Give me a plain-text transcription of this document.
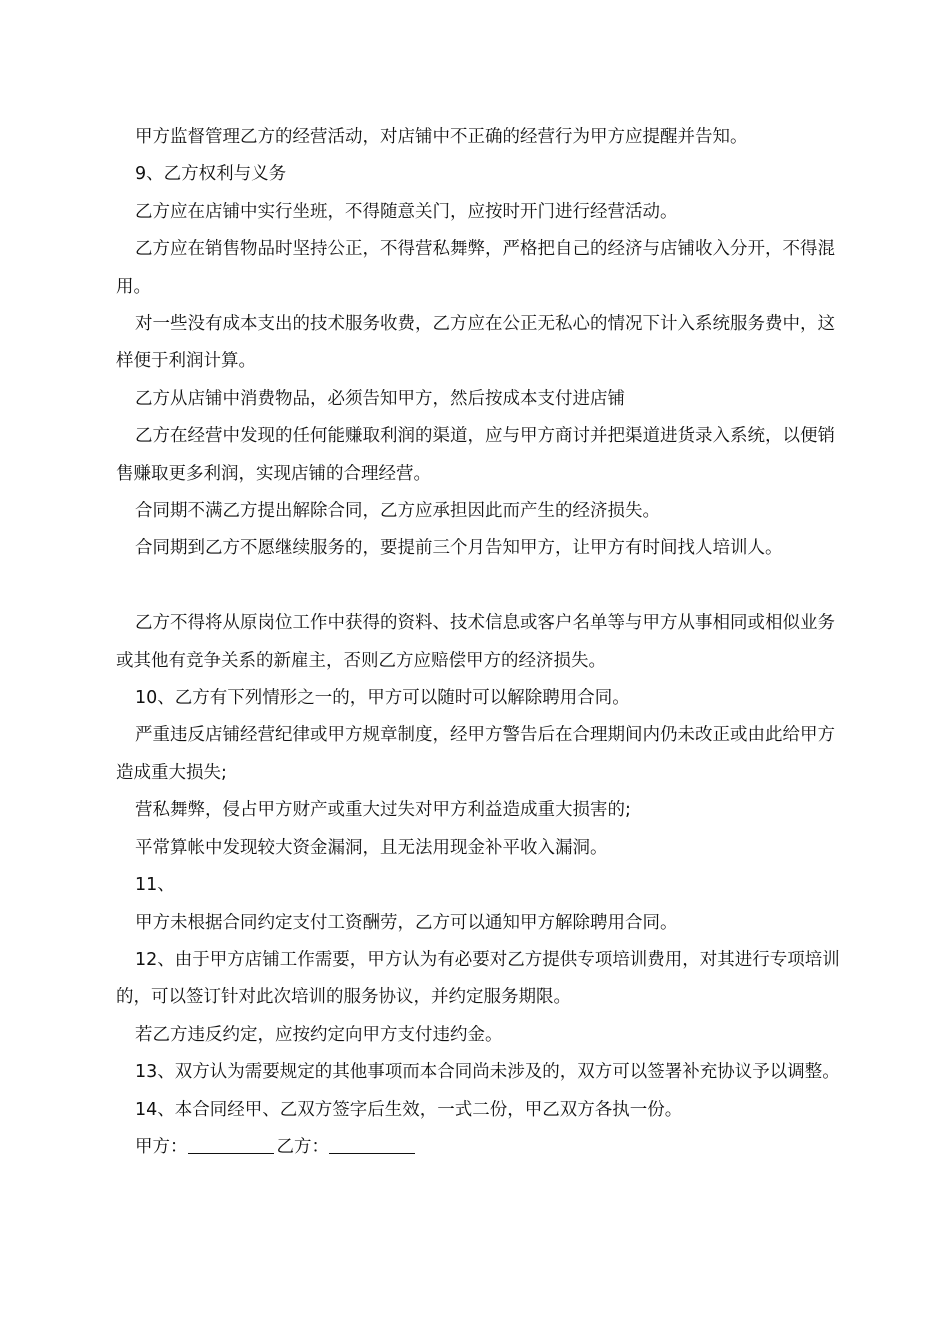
甲方监督管理乙方的经营活动，对店铺中不正确的经营行为甲方应提醒并告知。

9、乙方权利与义务

乙方应在店铺中实行坐班，不得随意关门，应按时开门进行经营活动。

乙方应在销售物品时坚持公正，不得营私舞弊，严格把自己的经济与店铺收入分开，不得混用。

对一些没有成本支出的技术服务收费，乙方应在公正无私心的情况下计入系统服务费中，这样便于利润计算。

乙方从店铺中消费物品，必须告知甲方，然后按成本支付进店铺

乙方在经营中发现的任何能赚取利润的渠道，应与甲方商讨并把渠道进货录入系统，以便销售赚取更多利润，实现店铺的合理经营。

合同期不满乙方提出解除合同，乙方应承担因此而产生的经济损失。

合同期到乙方不愿继续服务的，要提前三个月告知甲方，让甲方有时间找人培训人。

乙方不得将从原岗位工作中获得的资料、技术信息或客户名单等与甲方从事相同或相似业务或其他有竞争关系的新雇主，否则乙方应赔偿甲方的经济损失。

10、乙方有下列情形之一的，甲方可以随时可以解除聘用合同。

严重违反店铺经营纪律或甲方规章制度，经甲方警告后在合理期间内仍未改正或由此给甲方造成重大损失;

营私舞弊，侵占甲方财产或重大过失对甲方利益造成重大损害的;

平常算帐中发现较大资金漏洞，且无法用现金补平收入漏洞。

11、

甲方未根据合同约定支付工资酬劳，乙方可以通知甲方解除聘用合同。

12、由于甲方店铺工作需要，甲方认为有必要对乙方提供专项培训费用，对其进行专项培训的，可以签订针对此次培训的服务协议，并约定服务期限。

若乙方违反约定，应按约定向甲方支付违约金。

13、双方认为需要规定的其他事项而本合同尚未涉及的，双方可以签署补充协议予以调整。

14、本合同经甲、乙双方签字后生效，一式二份，甲乙双方各执一份。

甲方：	乙方：
